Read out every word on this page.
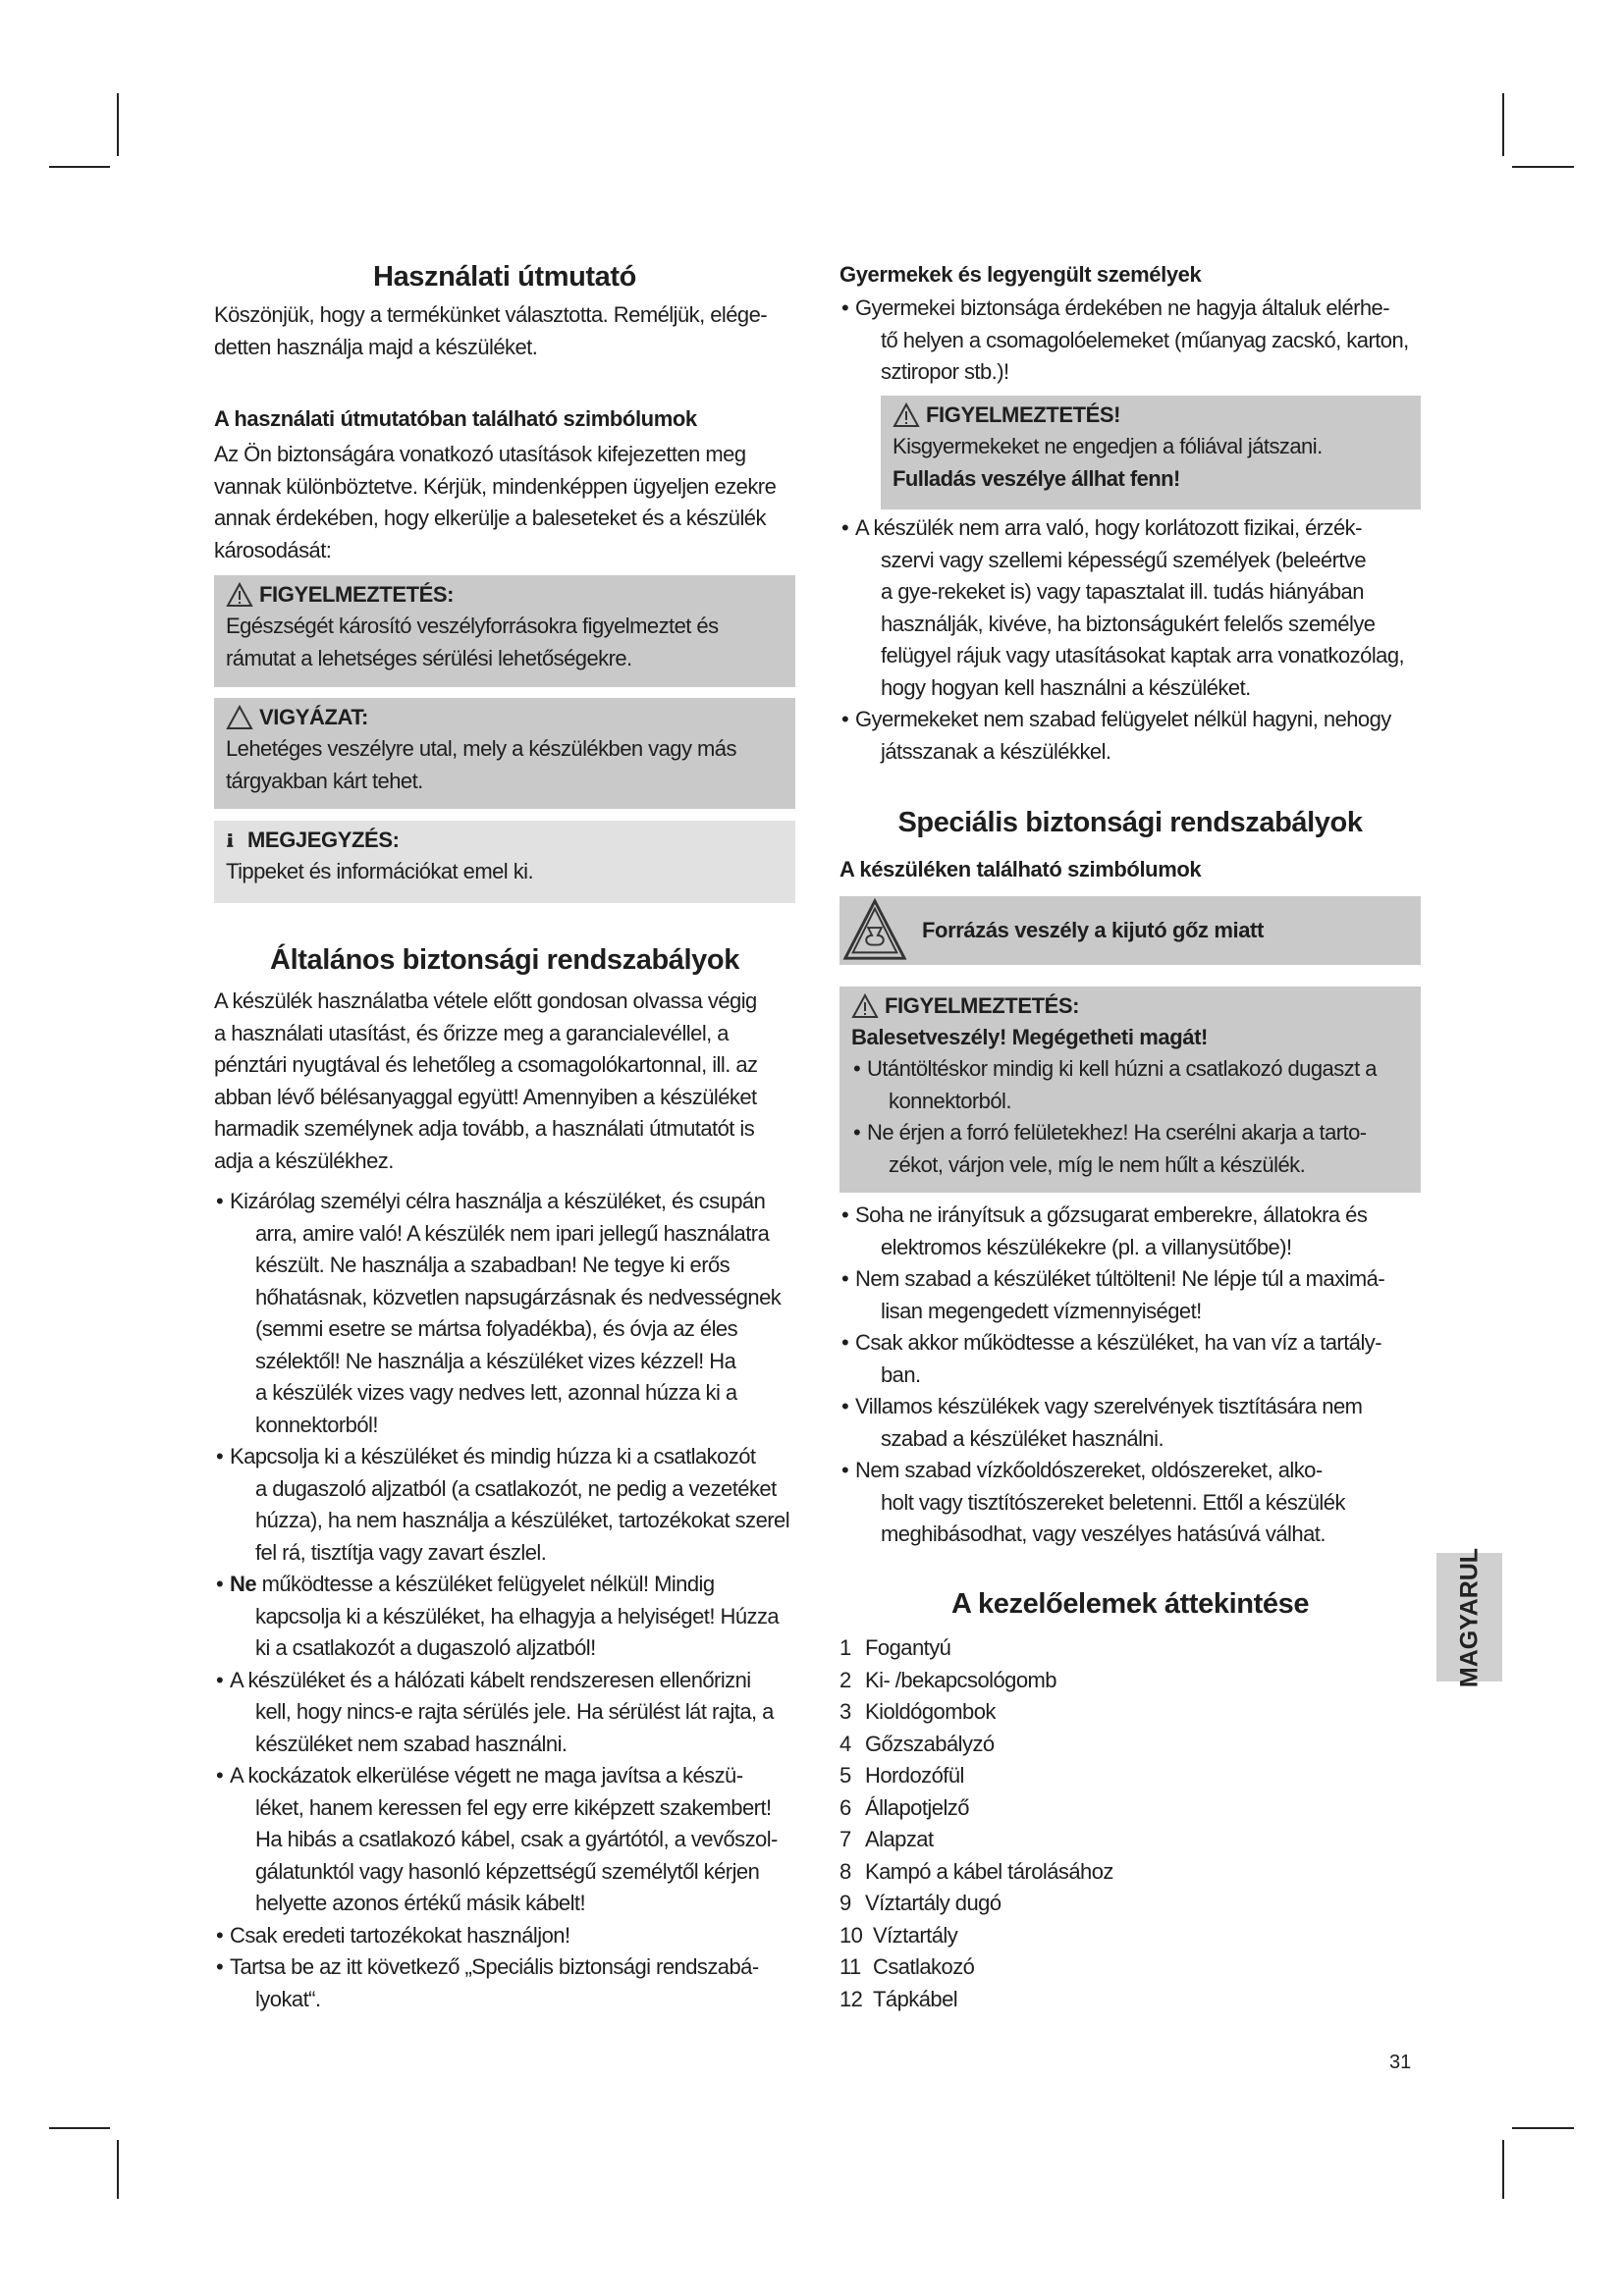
Használati útmutató
Köszönjük, hogy a termékünket választotta. Reméljük, elége-
detten használja majd a készüléket.
A használati útmutatóban található szimbólumok
Az Ön biztonságára vonatkozó utasítások kifejezetten meg
vannak különböztetve. Kérjük, mindenképpen ügyeljen ezekre
annak érdekében, hogy elkerülje a baleseteket és a készülék
károsodását:
FIGYELMEZTETÉS:
Egészségét károsító veszélyforrásokra figyelmeztet és
rámutat a lehetséges sérülési lehetőségekre.
VIGYÁZAT:
Lehetéges veszélyre utal, mely a készülékben vagy más
tárgyakban kárt tehet.
MEGJEGYZÉS:
Tippeket és információkat emel ki.
Általános biztonsági rendszabályok
A készülék használatba vétele előtt gondosan olvassa végig
a használati utasítást, és őrizze meg a garancialevéllel, a
pénztári nyugtával és lehetőleg a csomagolókartonnal, ill. az
abban lévő bélésanyaggal együtt! Amennyiben a készüléket
harmadik személynek adja tovább, a használati útmutatót is
adja a készülékhez.
• Kizárólag személyi célra használja a készüléket, és csupán
arra, amire való! A készülék nem ipari jellegű használatra
készült. Ne használja a szabadban! Ne tegye ki erős
hőhatásnak, közvetlen napsugárzásnak és nedvességnek
(semmi esetre se mártsa folyadékba), és óvja az éles
szélektől! Ne használja a készüléket vizes kézzel! Ha
a készülék vizes vagy nedves lett, azonnal húzza ki a
konnektorból!
• Kapcsolja ki a készüléket és mindig húzza ki a csatlakozót
a dugaszoló aljzatból (a csatlakozót, ne pedig a vezetéket
húzza), ha nem használja a készüléket, tartozékokat szerel
fel rá, tisztítja vagy zavart észlel.
• Ne működtesse a készüléket felügyelet nélkül! Mindig
kapcsolja ki a készüléket, ha elhagyja a helyiséget! Húzza
ki a csatlakozót a dugaszoló aljzatból!
• A készüléket és a hálózati kábelt rendszeresen ellenőrizni
kell, hogy nincs-e rajta sérülés jele. Ha sérülést lát rajta, a
készüléket nem szabad használni.
• A kockázatok elkerülése végett ne maga javítsa a készü-
léket, hanem keressen fel egy erre kiképzett szakembert!
Ha hibás a csatlakozó kábel, csak a gyártótól, a vevőszol-
gálatunktól vagy hasonló képzettségű személytől kérjen
helyette azonos értékű másik kábelt!
• Csak eredeti tartozékokat használjon!
• Tartsa be az itt következő „Speciális biztonsági rendszabá-
lyokat“.
Gyermekek és legyengült személyek
• Gyermekei biztonsága érdekében ne hagyja általuk elérhe-
tő helyen a csomagolóelemeket (műanyag zacskó, karton,
sztiropor stb.)!
FIGYELMEZTETÉS!
Kisgyermekeket ne engedjen a fóliával játszani.
Fulladás veszélye állhat fenn!
• A készülék nem arra való, hogy korlátozott fizikai, érzék-
szervi vagy szellemi képességű személyek (beleértve
a gye-rekeket is) vagy tapasztalat ill. tudás hiányában
használják, kivéve, ha biztonságukért felelős személye
felügyel rájuk vagy utasításokat kaptak arra vonatkozólag,
hogy hogyan kell használni a készüléket.
• Gyermekeket nem szabad felügyelet nélkül hagyni, nehogy
játsszanak a készülékkel.
Speciális biztonsági rendszabályok
A készüléken található szimbólumok
Forrázás veszély a kijutó gőz miatt
FIGYELMEZTETÉS:
Balesetveszély! Megégetheti magát!
• Utántöltéskor mindig ki kell húzni a csatlakozó dugaszt a
konnektorból.
• Ne érjen a forró felületekhez! Ha cserélni akarja a tarto-
zékot, várjon vele, míg le nem hűlt a készülék.
• Soha ne irányítsuk a gőzsugarat emberekre, állatokra és
elektromos készülékekre (pl. a villanysütőbe)!
• Nem szabad a készüléket túltölteni! Ne lépje túl a maximá-
lisan megengedett vízmennyiséget!
• Csak akkor működtesse a készüléket, ha van víz a tartály-
ban.
• Villamos készülékek vagy szerelvények tisztítására nem
szabad a készüléket használni.
• Nem szabad vízkőoldószereket, oldószereket, alko-
holt vagy tisztítószereket beletenni. Ettől a készülék
meghibásodhat, vagy veszélyes hatásúvá válhat.
A kezelőelemek áttekintése
1 Fogantyú
2 Ki- /bekapcsológomb
3 Kioldógombok
4 Gőzszabályzó
5 Hordozófül
6 Állapotjelző
7 Alapzat
8 Kampó a kábel tárolásához
9 Víztartály dugó
10 Víztartály
11 Csatlakozó
12 Tápkábel
MAGYARUL
31
